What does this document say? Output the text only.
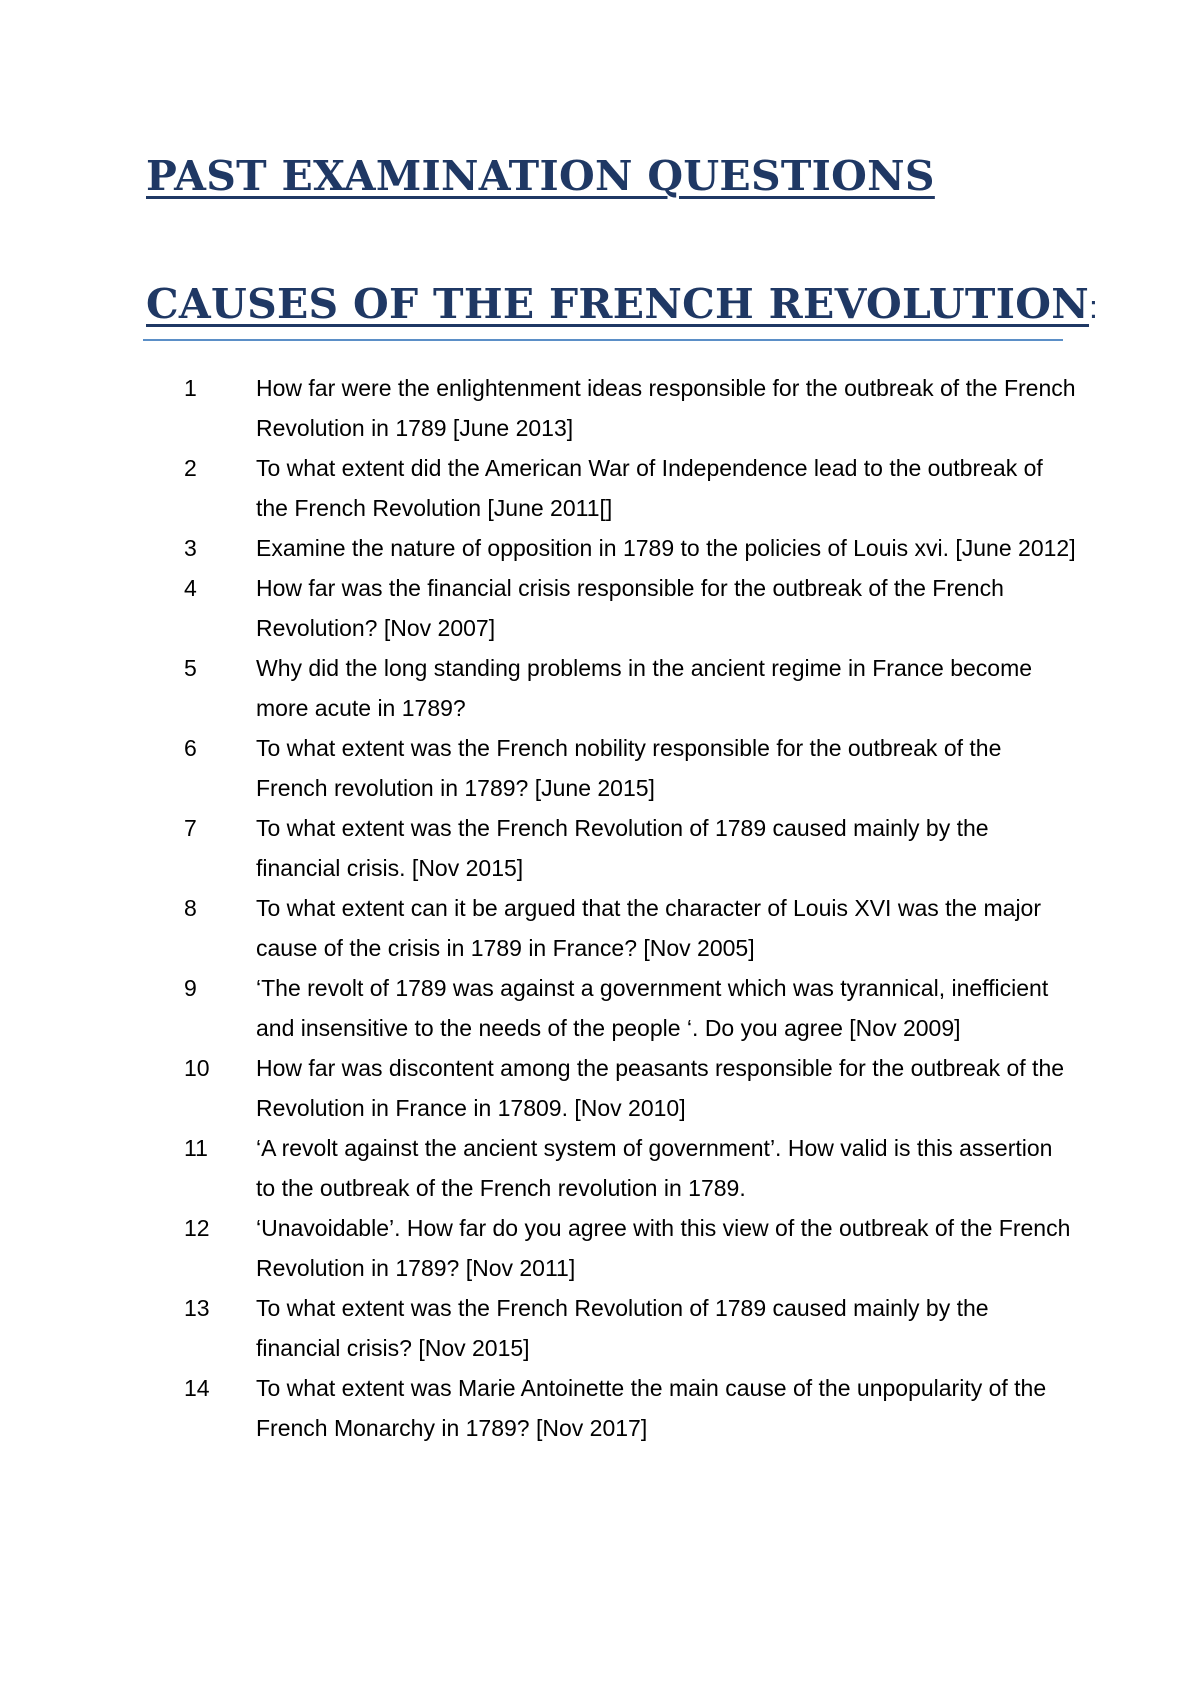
PAST EXAMINATION QUESTIONS
CAUSES OF THE FRENCH REVOLUTION:
1	How far were the enlightenment ideas responsible for the outbreak of the French Revolution in 1789 [June 2013]
2	To what extent did the American War of Independence lead to the outbreak of the French Revolution [June 2011[]
3	Examine the nature of opposition in 1789 to the policies of Louis xvi. [June 2012]
4	How far was the financial crisis responsible for the outbreak of the French Revolution? [Nov 2007]
5	Why did the long standing problems in the ancient regime in France become more acute in 1789?
6	To what extent was the French nobility responsible for the outbreak of the French revolution in 1789? [June 2015]
7	To what extent was the French Revolution of 1789 caused mainly by the financial crisis. [Nov 2015]
8	To what extent can it be argued that the character of Louis XVI was the major cause of the crisis in 1789 in France? [Nov 2005]
9	‘The revolt of 1789 was against a government which was tyrannical, inefficient and insensitive to the needs of the people ‘. Do you agree [Nov 2009]
10 How far was discontent among the peasants responsible for the outbreak of the Revolution in France in 17809. [Nov 2010]
11 ‘A revolt against the ancient system of government’. How valid is this assertion to the outbreak of the French revolution in 1789.
12 ‘Unavoidable’. How far do you agree with this view of the outbreak of the French Revolution in 1789? [Nov 2011]
13 To what extent was the French Revolution of 1789 caused mainly by the financial crisis? [Nov 2015]
14 To what extent was Marie Antoinette the main cause of the unpopularity of the French Monarchy in 1789? [Nov 2017]
